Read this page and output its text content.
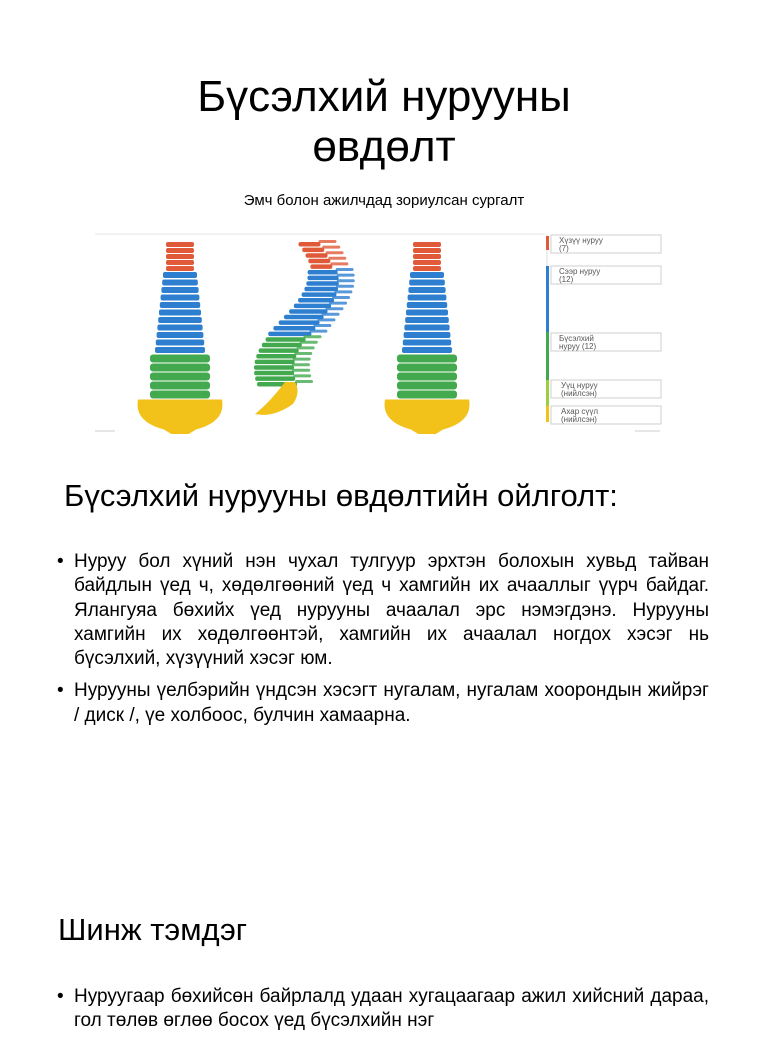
Бүсэлхий нурууны
өвдөлт
Эмч болон ажилчдад зориулсан сургалт
Хүзүү нуруу
(7)
Сээр нуруу
(12)
Бүсэлхий
нуруу (12)
Уүц нуруу
(нийлсэн)
Ахар сүүл
(нийлсэн)
Бүсэлхий нурууны өвдөлтийн ойлголт:
• Нуруу бол хүний нэн чухал тулгуур эрхтэн болохын хувьд тайван байдлын үед ч, хөдөлгөөний үед ч хамгийн их ачааллыг үүрч байдаг. Ялангуяа бөхийх үед нурууны ачаалал эрс нэмэгдэнэ. Нурууны хамгийн их хөдөлгөөнтэй, хамгийн их ачаалал ногдох хэсэг нь бүсэлхий, хүзүүний хэсэг юм.
• Нурууны үелбэрийн үндсэн хэсэгт нугалам, нугалам хоорондын жийрэг / диск /, үе холбоос, булчин хамаарна.
Шинж тэмдэг
• Нуруугаар бөхийсөн байрлалд удаан хугацаагаар ажил хийсний дараа, гол төлөв өглөө босох үед бүсэлхийн нэг
